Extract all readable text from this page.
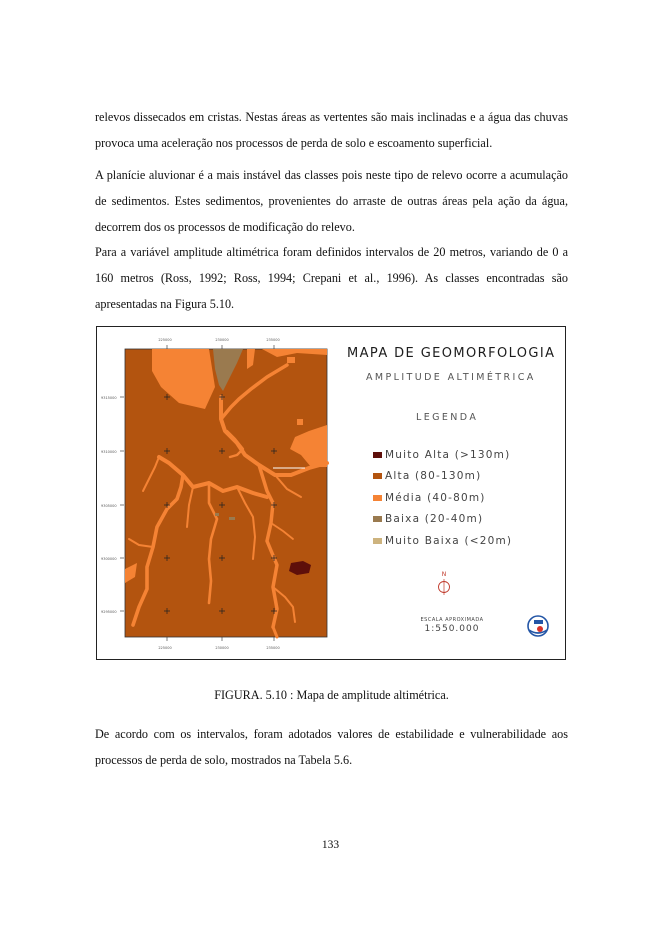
relevos dissecados em cristas. Nestas áreas as vertentes são mais inclinadas e a água das chuvas provoca uma aceleração nos processos de perda de solo e escoamento superficial.

A planície aluvionar é a mais instável das classes pois neste tipo de relevo ocorre a acumulação de sedimentos. Estes sedimentos, provenientes do arraste de outras áreas pela ação da água, decorrem dos os processos de modificação do relevo.

Para a variável amplitude altimétrica foram definidos intervalos de 20 metros, variando de 0 a 160 metros (Ross, 1992; Ross, 1994; Crepani et al., 1996). As classes encontradas são apresentadas na Figura 5.10.

225000	230000	235000
225000	230000	235000
9315000
9310000
9305000
9300000
9295000
MAPA DE GEOMORFOLOGIA
AMPLITUDE ALTIMÉTRICA
LEGENDA
Muito Alta (>130m)
Alta (80-130m)
Média (40-80m)
Baixa (20-40m)
Muito Baixa (<20m)
N
ESCALA APROXIMADA
1:550.000

FIGURA. 5.10 : Mapa de amplitude altimétrica.

De acordo com os intervalos, foram adotados valores de estabilidade e vulnerabilidade aos processos de perda de solo, mostrados na Tabela 5.6.

133
